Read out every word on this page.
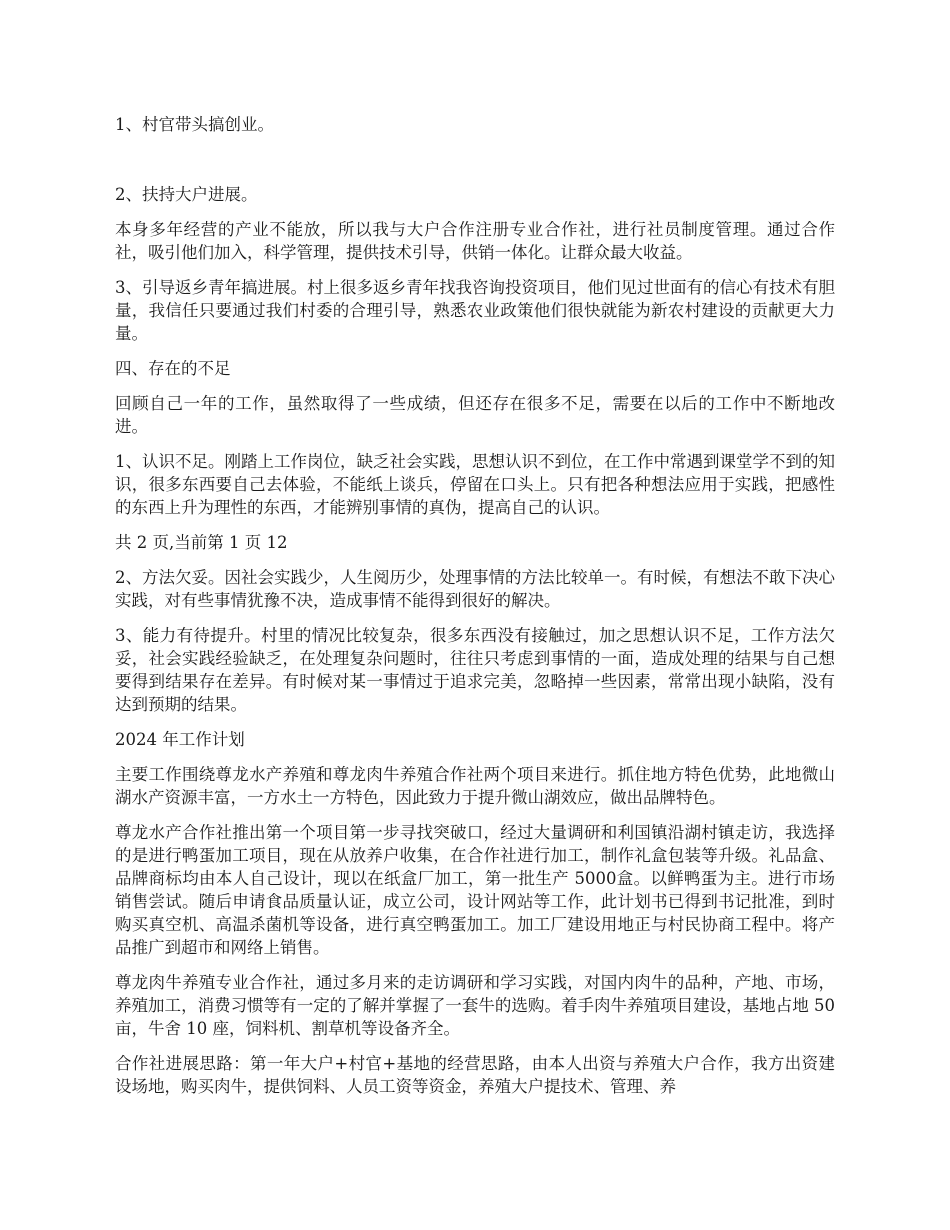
1、村官带头搞创业。

2、扶持大户进展。

本身多年经营的产业不能放，所以我与大户合作注册专业合作社，进行社员制度管理。通过合作社，吸引他们加入，科学管理，提供技术引导，供销一体化。让群众最大收益。

3、引导返乡青年搞进展。村上很多返乡青年找我咨询投资项目，他们见过世面有的信心有技术有胆量，我信任只要通过我们村委的合理引导，熟悉农业政策他们很快就能为新农村建设的贡献更大力量。

四、存在的不足

回顾自己一年的工作，虽然取得了一些成绩，但还存在很多不足，需要在以后的工作中不断地改进。

1、认识不足。刚踏上工作岗位，缺乏社会实践，思想认识不到位，在工作中常遇到课堂学不到的知识，很多东西要自己去体验，不能纸上谈兵，停留在口头上。只有把各种想法应用于实践，把感性的东西上升为理性的东西，才能辨别事情的真伪，提高自己的认识。

共 2 页,当前第 1 页 12

2、方法欠妥。因社会实践少，人生阅历少，处理事情的方法比较单一。有时候，有想法不敢下决心实践，对有些事情犹豫不决，造成事情不能得到很好的解决。

3、能力有待提升。村里的情况比较复杂，很多东西没有接触过，加之思想认识不足，工作方法欠妥，社会实践经验缺乏，在处理复杂问题时，往往只考虑到事情的一面，造成处理的结果与自己想要得到结果存在差异。有时候对某一事情过于追求完美，忽略掉一些因素，常常出现小缺陷，没有达到预期的结果。

2024 年工作计划

主要工作围绕尊龙水产养殖和尊龙肉牛养殖合作社两个项目来进行。抓住地方特色优势，此地微山湖水产资源丰富，一方水土一方特色，因此致力于提升微山湖效应，做出品牌特色。

尊龙水产合作社推出第一个项目第一步寻找突破口，经过大量调研和利国镇沿湖村镇走访，我选择的是进行鸭蛋加工项目，现在从放养户收集，在合作社进行加工，制作礼盒包装等升级。礼品盒、品牌商标均由本人自己设计，现以在纸盒厂加工，第一批生产 5000盒。以鲜鸭蛋为主。进行市场销售尝试。随后申请食品质量认证，成立公司，设计网站等工作，此计划书已得到书记批准，到时购买真空机、高温杀菌机等设备，进行真空鸭蛋加工。加工厂建设用地正与村民协商工程中。将产品推广到超市和网络上销售。

尊龙肉牛养殖专业合作社，通过多月来的走访调研和学习实践，对国内肉牛的品种，产地、市场，养殖加工，消费习惯等有一定的了解并掌握了一套牛的选购。着手肉牛养殖项目建设，基地占地 50 亩，牛舍 10 座，饲料机、割草机等设备齐全。

合作社进展思路：第一年大户+村官+基地的经营思路，由本人出资与养殖大户合作，我方出资建设场地，购买肉牛，提供饲料、人员工资等资金，养殖大户提技术、管理、养
